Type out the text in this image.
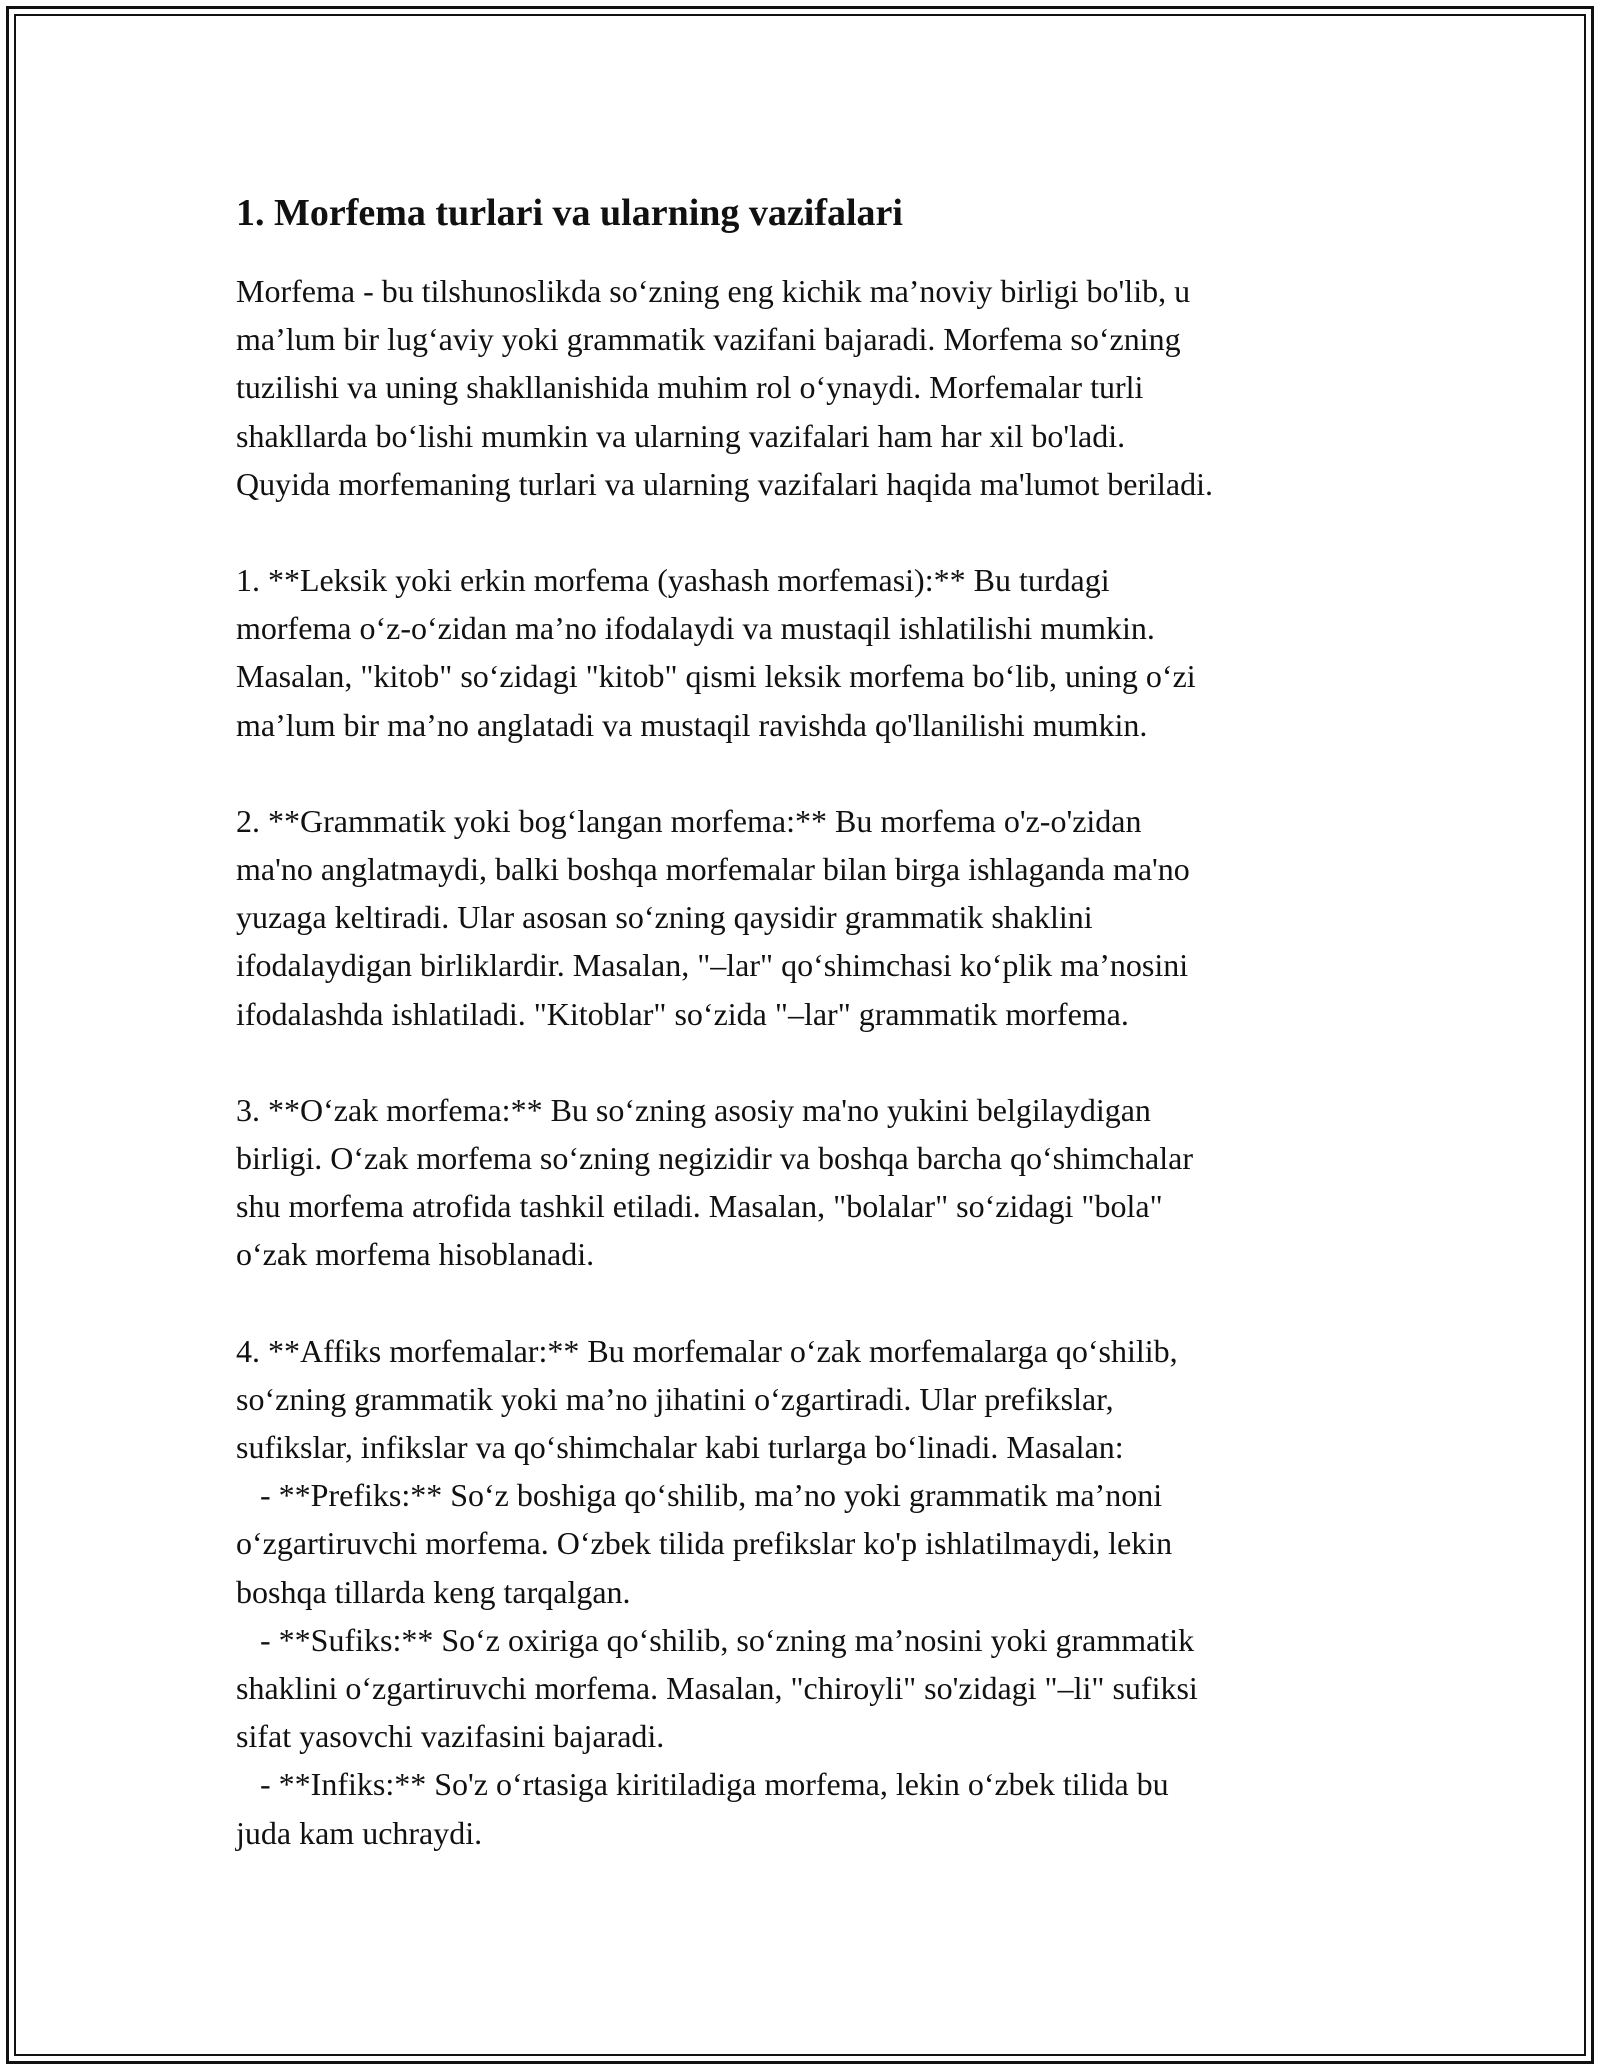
1. Morfema turlari va ularning vazifalari

Morfema - bu tilshunoslikda so‘zning eng kichik ma’noviy birligi bo'lib, u
ma’lum bir lug‘aviy yoki grammatik vazifani bajaradi. Morfema so‘zning
tuzilishi va uning shakllanishida muhim rol o‘ynaydi. Morfemalar turli
shakllarda bo‘lishi mumkin va ularning vazifalari ham har xil bo'ladi.
Quyida morfemaning turlari va ularning vazifalari haqida ma'lumot beriladi.

1. **Leksik yoki erkin morfema (yashash morfemasi):** Bu turdagi
morfema o‘z-o‘zidan ma’no ifodalaydi va mustaqil ishlatilishi mumkin.
Masalan, "kitob" so‘zidagi "kitob" qismi leksik morfema bo‘lib, uning o‘zi
ma’lum bir ma’no anglatadi va mustaqil ravishda qo'llanilishi mumkin.

2. **Grammatik yoki bog‘langan morfema:** Bu morfema o'z-o'zidan
ma'no anglatmaydi, balki boshqa morfemalar bilan birga ishlaganda ma'no
yuzaga keltiradi. Ular asosan so‘zning qaysidir grammatik shaklini
ifodalaydigan birliklardir. Masalan, "–lar" qo‘shimchasi ko‘plik ma’nosini
ifodalashda ishlatiladi. "Kitoblar" so‘zida "–lar" grammatik morfema.

3. **O‘zak morfema:** Bu so‘zning asosiy ma'no yukini belgilaydigan
birligi. O‘zak morfema so‘zning negizidir va boshqa barcha qo‘shimchalar
shu morfema atrofida tashkil etiladi. Masalan, "bolalar" so‘zidagi "bola"
o‘zak morfema hisoblanadi.

4. **Affiks morfemalar:** Bu morfemalar o‘zak morfemalarga qo‘shilib,
so‘zning grammatik yoki ma’no jihatini o‘zgartiradi. Ular prefikslar,
sufikslar, infikslar va qo‘shimchalar kabi turlarga bo‘linadi. Masalan:
- **Prefiks:** So‘z boshiga qo‘shilib, ma’no yoki grammatik ma’noni
o‘zgartiruvchi morfema. O‘zbek tilida prefikslar ko'p ishlatilmaydi, lekin
boshqa tillarda keng tarqalgan.
- **Sufiks:** So‘z oxiriga qo‘shilib, so‘zning ma’nosini yoki grammatik
shaklini o‘zgartiruvchi morfema. Masalan, "chiroyli" so'zidagi "–li" sufiksi
sifat yasovchi vazifasini bajaradi.
- **Infiks:** So'z o‘rtasiga kiritiladiga morfema, lekin o‘zbek tilida bu
juda kam uchraydi.
